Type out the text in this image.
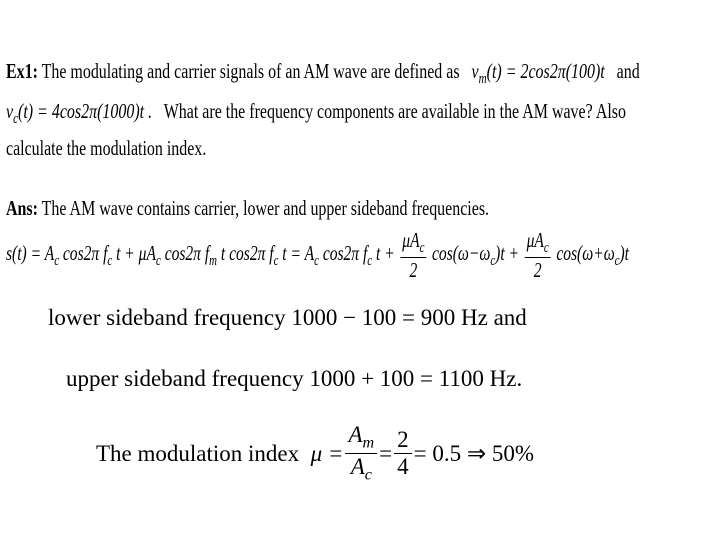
Ex1: The modulating and carrier signals of an AM wave are defined as $v_m(t) = 2\cos 2\pi(100)t$ and
$v_c(t) = 4\cos 2\pi(1000)t$ . What are the frequency components are available in the AM wave? Also
calculate the modulation index.
Ans: The AM wave contains carrier, lower and upper sideband frequencies.
$s(t) = A_c$ cos2π $f_c$ $t + \mu A_c$ cos2π $f_m$ t cos2π $f_c$ $t = A_c$ cos2π $f_c$ $t + \frac{\mu A_c}{2} \cos(\omega-\omega_c)t + \frac{\mu A_c}{2} \cos(\omega+\omega_c)t$
lower sideband frequency 1000 − 100 = 900 Hz and
upper sideband frequency 1000 + 100 = 1100 Hz.
The modulation index
$\mu = \frac{A_m}{A_c} = \frac{2}{4} = 0.5$ ⇒ 50%
